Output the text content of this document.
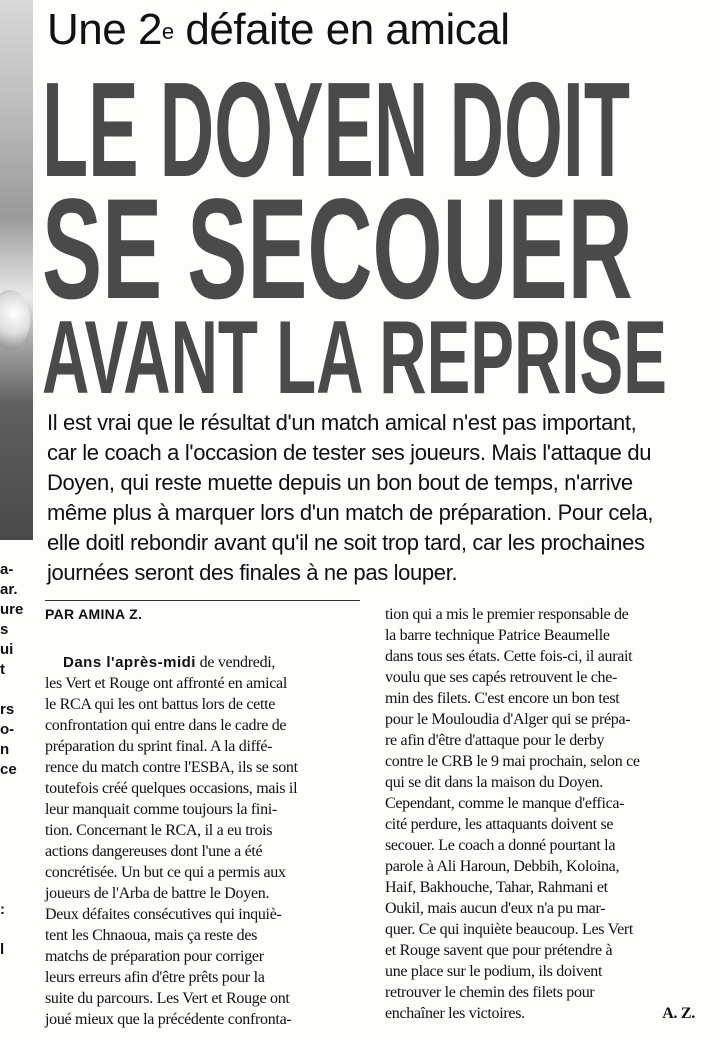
a-
ar.
ure
s
ui
t

rs
o-
n
ce

:

l
Une 2e défaite en amical
LE DOYEN DOIT
SE SECOUER
AVANT LA REPRISE
Il est vrai que le résultat d'un match amical n'est pas important,
car le coach a l'occasion de tester ses joueurs. Mais l'attaque du
Doyen, qui reste muette depuis un bon bout de temps, n'arrive
même plus à marquer lors d'un match de préparation. Pour cela,
elle doitl rebondir avant qu'il ne soit trop tard, car les prochaines
journées seront des finales à ne pas louper.
PAR AMINA Z.
Dans l'après-midi de vendredi,
les Vert et Rouge ont affronté en amical
le RCA qui les ont battus lors de cette
confrontation qui entre dans le cadre de
préparation du sprint final. A la diffé-
rence du match contre l'ESBA, ils se sont
toutefois créé quelques occasions, mais il
leur manquait comme toujours la fini-
tion. Concernant le RCA, il a eu trois
actions dangereuses dont l'une a été
concrétisée. Un but ce qui a permis aux
joueurs de l'Arba de battre le Doyen.
Deux défaites consécutives qui inquiè-
tent les Chnaoua, mais ça reste des
matchs de préparation pour corriger
leurs erreurs afin d'être prêts pour la
suite du parcours. Les Vert et Rouge ont
joué mieux que la précédente confronta-
tion qui a mis le premier responsable de
la barre technique Patrice Beaumelle
dans tous ses états. Cette fois-ci, il aurait
voulu que ses capés retrouvent le che-
min des filets. C'est encore un bon test
pour le Mouloudia d'Alger qui se prépa-
re afin d'être d'attaque pour le derby
contre le CRB le 9 mai prochain, selon ce
qui se dit dans la maison du Doyen.
Cependant, comme le manque d'effica-
cité perdure, les attaquants doivent se
secouer. Le coach a donné pourtant la
parole à Ali Haroun, Debbih, Koloina,
Haif, Bakhouche, Tahar, Rahmani et
Oukil, mais aucun d'eux n'a pu mar-
quer. Ce qui inquiète beaucoup. Les Vert
et Rouge savent que pour prétendre à
une place sur le podium, ils doivent
retrouver le chemin des filets pour
enchaîner les victoires.	A. Z.
